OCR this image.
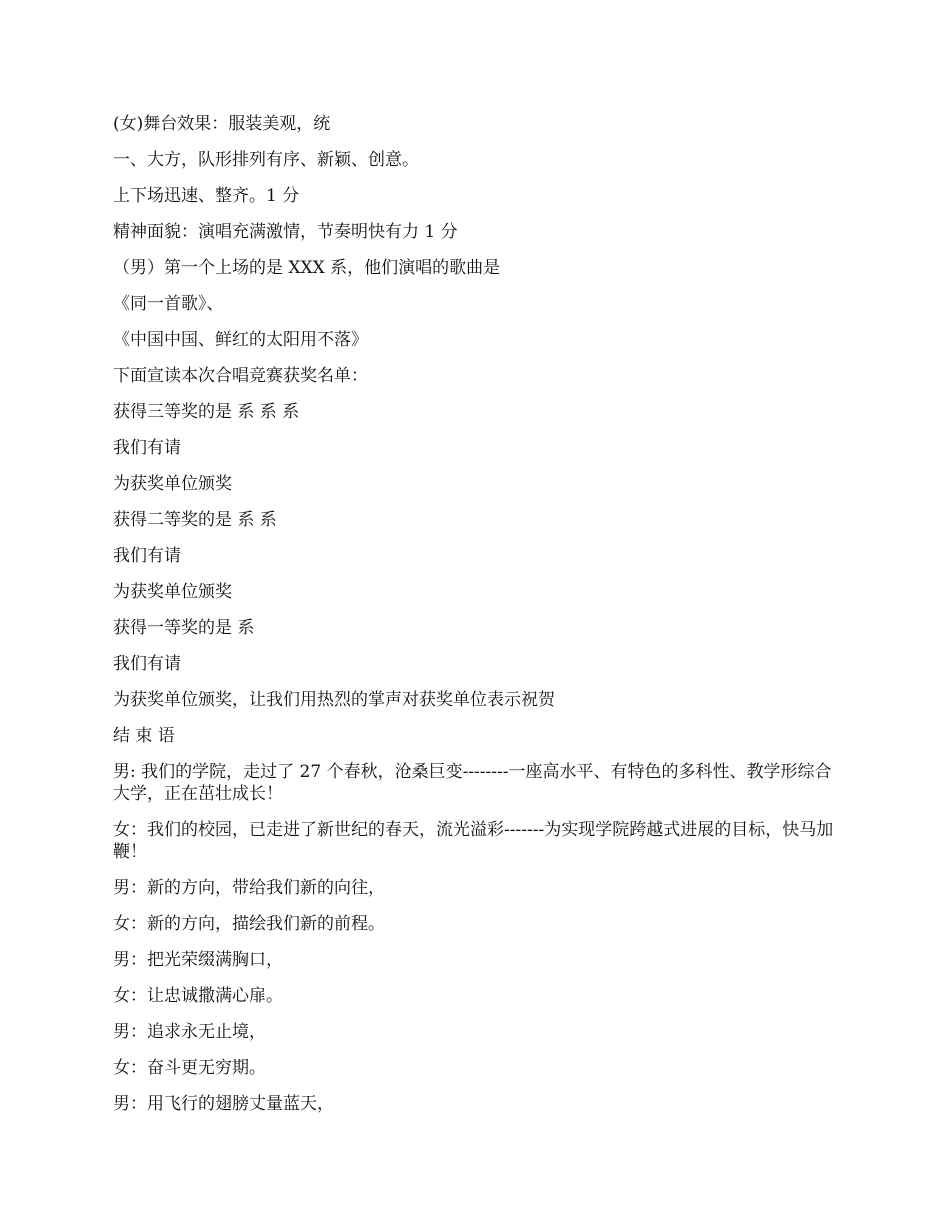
(女)舞台效果：服装美观，统

一、大方，队形排列有序、新颖、创意。

上下场迅速、整齐。1 分

精神面貌：演唱充满激情，节奏明快有力 1 分

（男）第一个上场的是 XXX 系，他们演唱的歌曲是

《同一首歌》、

《中国中国、鲜红的太阳用不落》

下面宣读本次合唱竞赛获奖名单：

获得三等奖的是 系 系 系

我们有请

为获奖单位颁奖

获得二等奖的是 系 系

我们有请

为获奖单位颁奖

获得一等奖的是 系

我们有请

为获奖单位颁奖，让我们用热烈的掌声对获奖单位表示祝贺

结 束 语

男: 我们的学院，走过了 27 个春秋，沧桑巨变--------一座高水平、有特色的多科性、教学形综合大学，正在茁壮成长！

女：我们的校园，已走进了新世纪的春天，流光溢彩-------为实现学院跨越式进展的目标，快马加鞭！

男：新的方向，带给我们新的向往，

女：新的方向，描绘我们新的前程。

男：把光荣缀满胸口，

女：让忠诚撒满心扉。

男：追求永无止境，

女：奋斗更无穷期。

男：用飞行的翅膀丈量蓝天，
